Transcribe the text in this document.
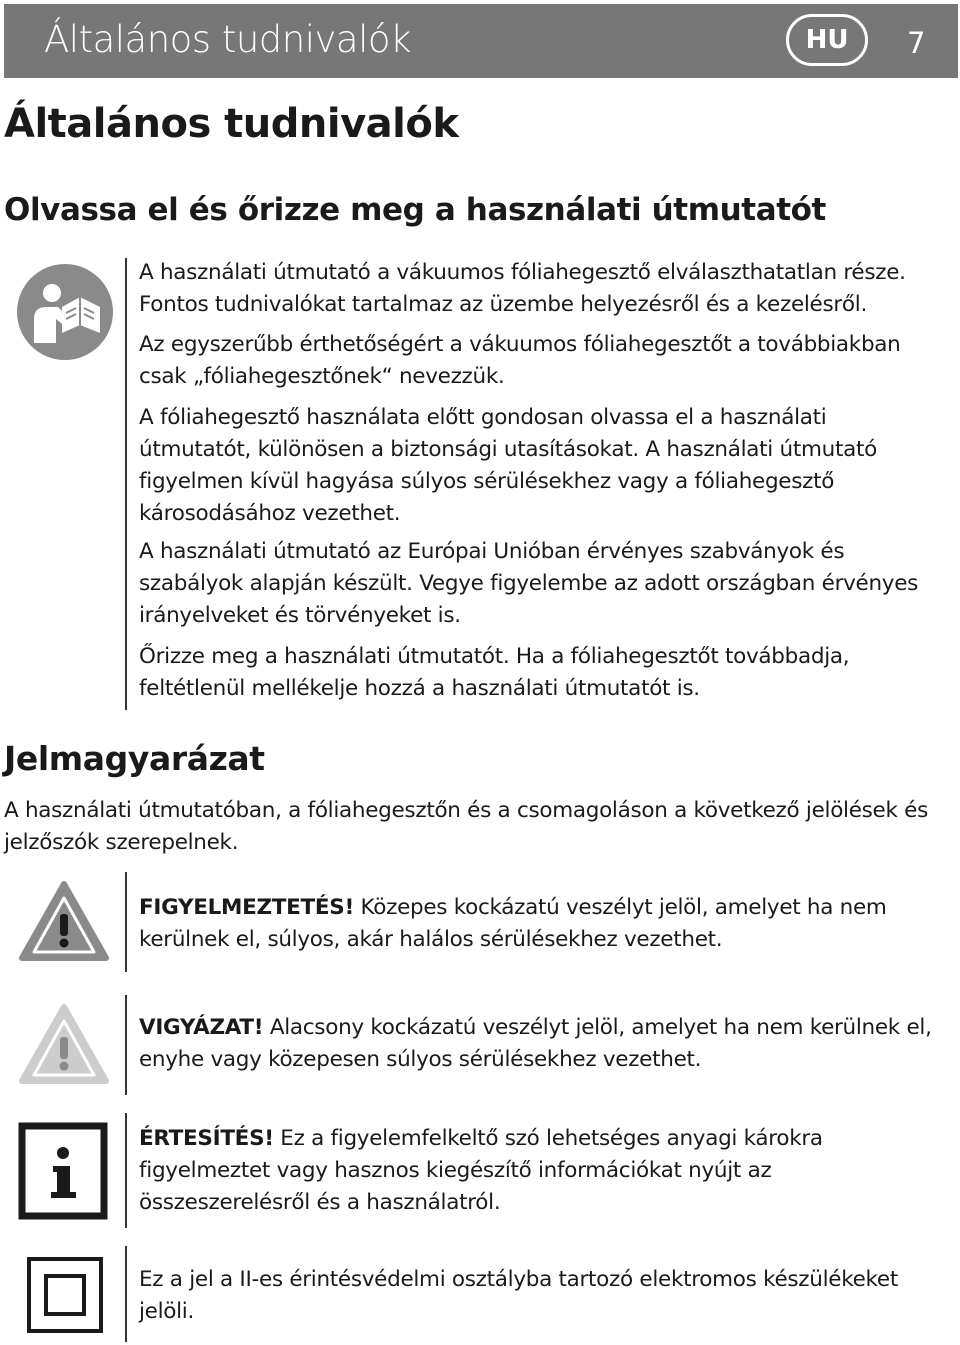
Általános tudnivalók	HU	7
Általános tudnivalók
Olvassa el és őrizze meg a használati útmutatót

A használati útmutató a vákuumos fóliahegesztő elválaszthatatlan része. Fontos tudnivalókat tartalmaz az üzembe helyezésről és a kezelésről.

Az egyszerűbb érthetőségért a vákuumos fóliahegesztőt a továbbiakban csak „fóliahegesztőnek“ nevezzük.

A fóliahegesztő használata előtt gondosan olvassa el a használati útmutatót, különösen a biztonsági utasításokat. A használati útmutató figyelmen kívül hagyása súlyos sérülésekhez vagy a fóliahegesztő károsodásához vezethet.

A használati útmutató az Európai Unióban érvényes szabványok és szabályok alapján készült. Vegye figyelembe az adott országban érvényes irányelveket és törvényeket is.

Őrizze meg a használati útmutatót. Ha a fóliahegesztőt továbbadja, feltétlenül mellékelje hozzá a használati útmutatót is.

Jelmagyarázat

A használati útmutatóban, a fóliahegesztőn és a csomagoláson a következő jelölések és jelzőszók szerepelnek.

FIGYELMEZTETÉS! Közepes kockázatú veszélyt jelöl, amelyet ha nem kerülnek el, súlyos, akár halálos sérülésekhez vezethet.

VIGYÁZAT! Alacsony kockázatú veszélyt jelöl, amelyet ha nem kerülnek el, enyhe vagy közepesen súlyos sérülésekhez vezethet.

ÉRTESÍTÉS! Ez a figyelemfelkeltő szó lehetséges anyagi károkra figyelmeztet vagy hasznos kiegészítő információkat nyújt az összeszerelésről és a használatról.

Ez a jel a II-es érintésvédelmi osztályba tartozó elektromos készülékeket jelöli.
